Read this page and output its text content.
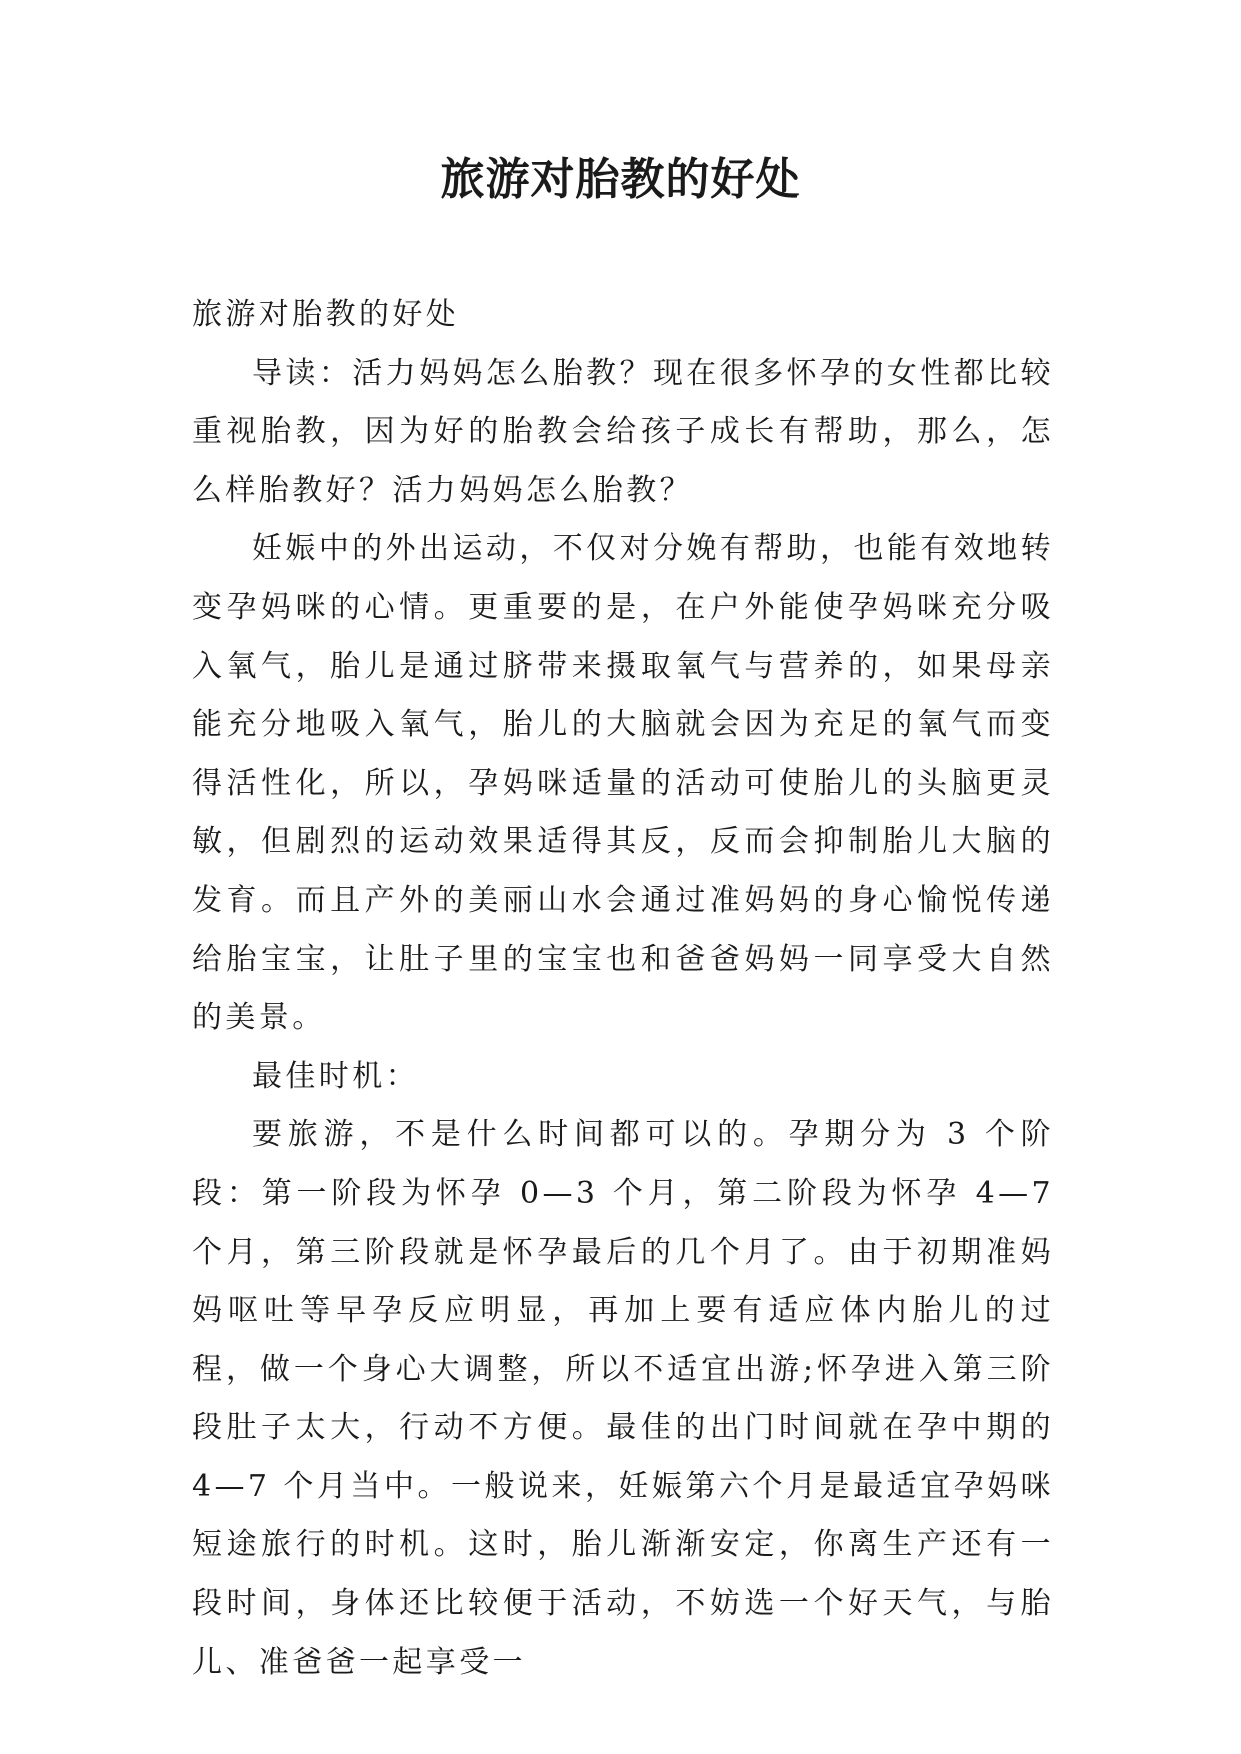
旅游对胎教的好处

旅游对胎教的好处

导读：活力妈妈怎么胎教？现在很多怀孕的女性都比较重视胎教，因为好的胎教会给孩子成长有帮助，那么，怎么样胎教好？活力妈妈怎么胎教？

妊娠中的外出运动，不仅对分娩有帮助，也能有效地转变孕妈咪的心情。更重要的是，在户外能使孕妈咪充分吸入氧气，胎儿是通过脐带来摄取氧气与营养的，如果母亲能充分地吸入氧气，胎儿的大脑就会因为充足的氧气而变得活性化，所以，孕妈咪适量的活动可使胎儿的头脑更灵敏，但剧烈的运动效果适得其反，反而会抑制胎儿大脑的发育。而且产外的美丽山水会通过准妈妈的身心愉悦传递给胎宝宝，让肚子里的宝宝也和爸爸妈妈一同享受大自然的美景。

最佳时机：

要旅游，不是什么时间都可以的。孕期分为 3 个阶段：第一阶段为怀孕 0—3 个月，第二阶段为怀孕 4—7 个月，第三阶段就是怀孕最后的几个月了。由于初期准妈妈呕吐等早孕反应明显，再加上要有适应体内胎儿的过程，做一个身心大调整，所以不适宜出游;怀孕进入第三阶段肚子太大，行动不方便。最佳的出门时间就在孕中期的 4—7 个月当中。一般说来，妊娠第六个月是最适宜孕妈咪短途旅行的时机。这时，胎儿渐渐安定，你离生产还有一段时间，身体还比较便于活动，不妨选一个好天气，与胎儿、准爸爸一起享受一
